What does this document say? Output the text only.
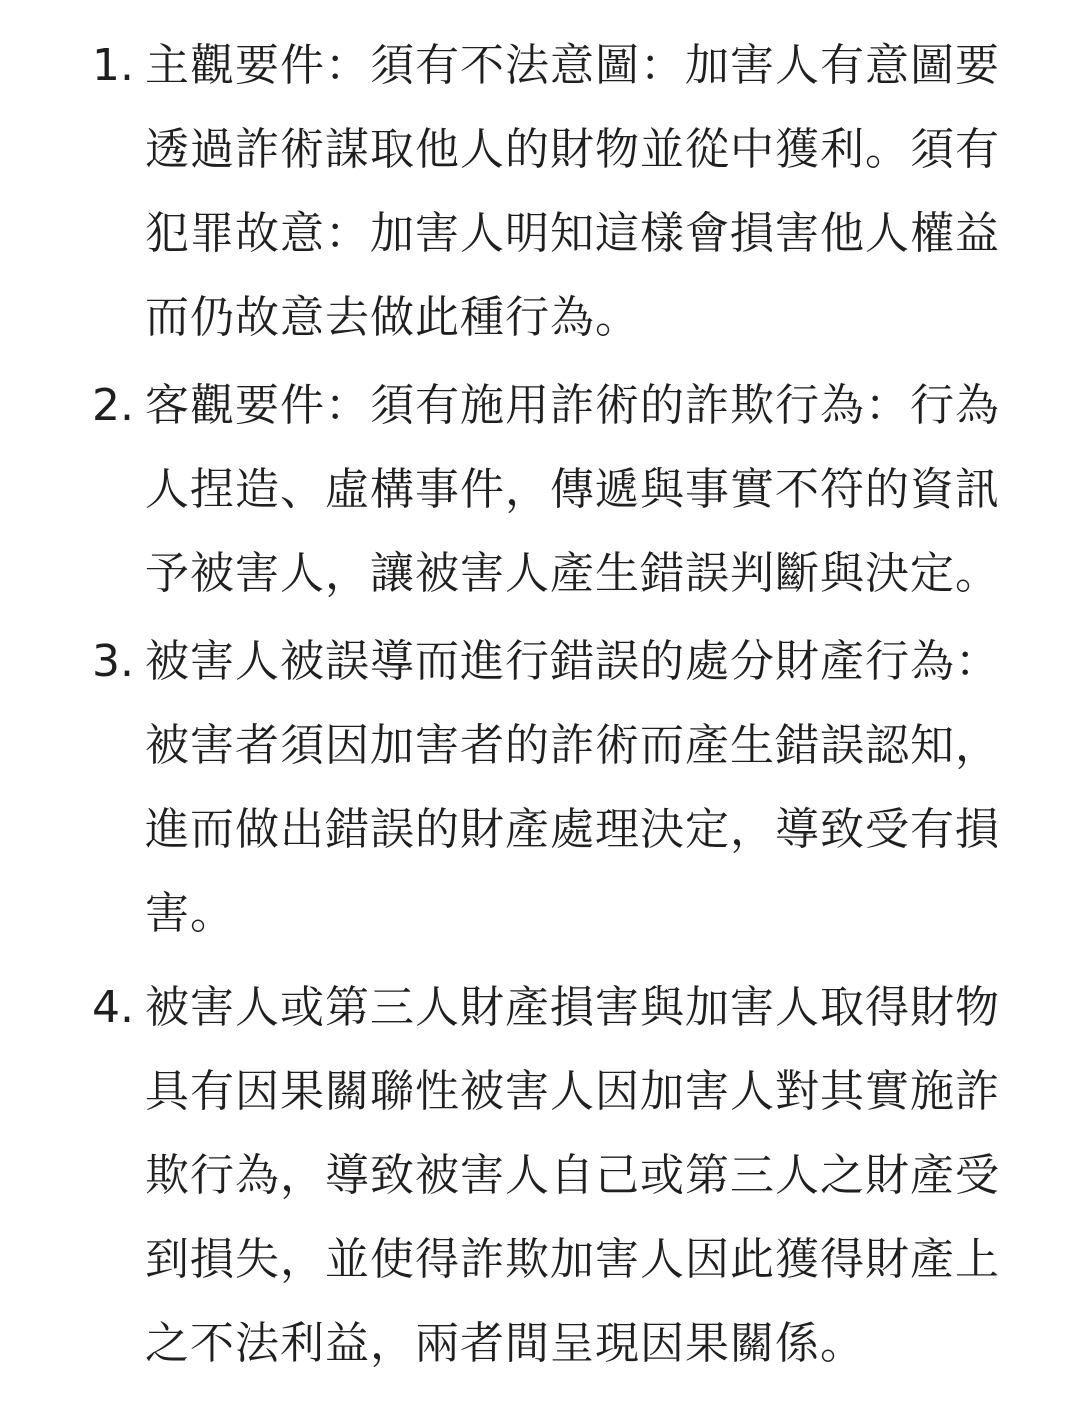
1. 主觀要件：須有不法意圖：加害人有意圖要透過詐術謀取他人的財物並從中獲利。須有犯罪故意：加害人明知這樣會損害他人權益而仍故意去做此種行為。
2. 客觀要件：須有施用詐術的詐欺行為：行為人捏造、虛構事件，傳遞與事實不符的資訊予被害人，讓被害人產生錯誤判斷與決定。
3. 被害人被誤導而進行錯誤的處分財產行為：被害者須因加害者的詐術而產生錯誤認知，進而做出錯誤的財產處理決定，導致受有損害。
4. 被害人或第三人財產損害與加害人取得財物具有因果關聯性被害人因加害人對其實施詐欺行為，導致被害人自己或第三人之財產受到損失，並使得詐欺加害人因此獲得財產上之不法利益，兩者間呈現因果關係。
